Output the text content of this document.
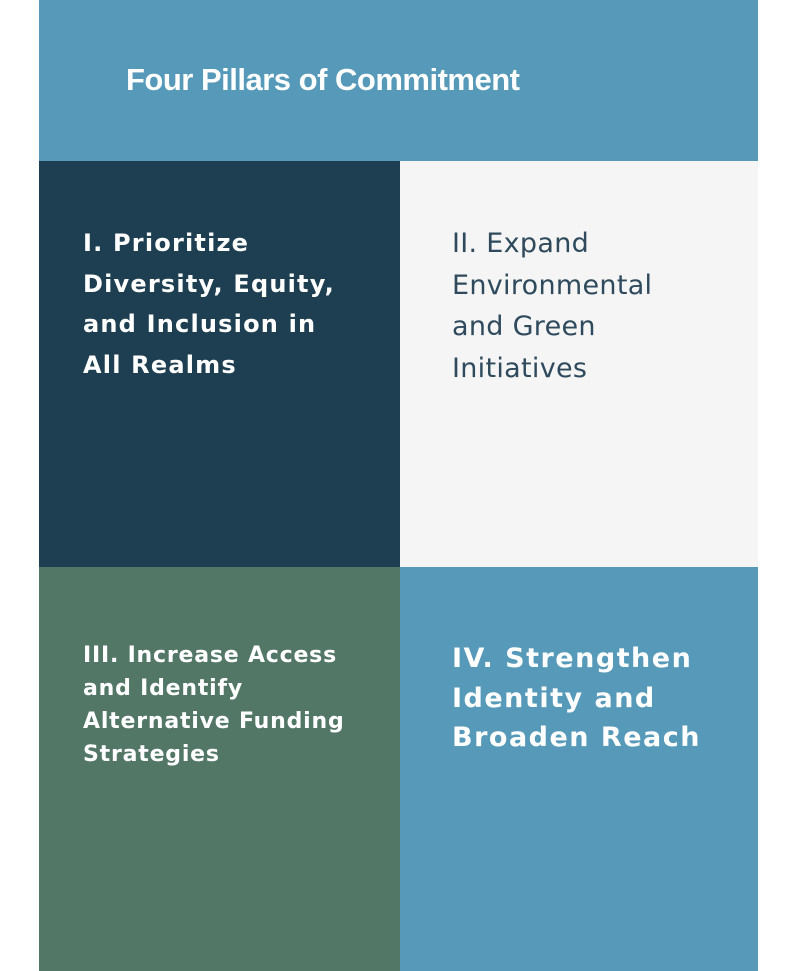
Four Pillars of Commitment

I. Prioritize
Diversity, Equity,
and Inclusion in
All Realms

II. Expand
Environmental
and Green
Initiatives

III. Increase Access
and Identify
Alternative Funding
Strategies

IV. Strengthen
Identity and
Broaden Reach
